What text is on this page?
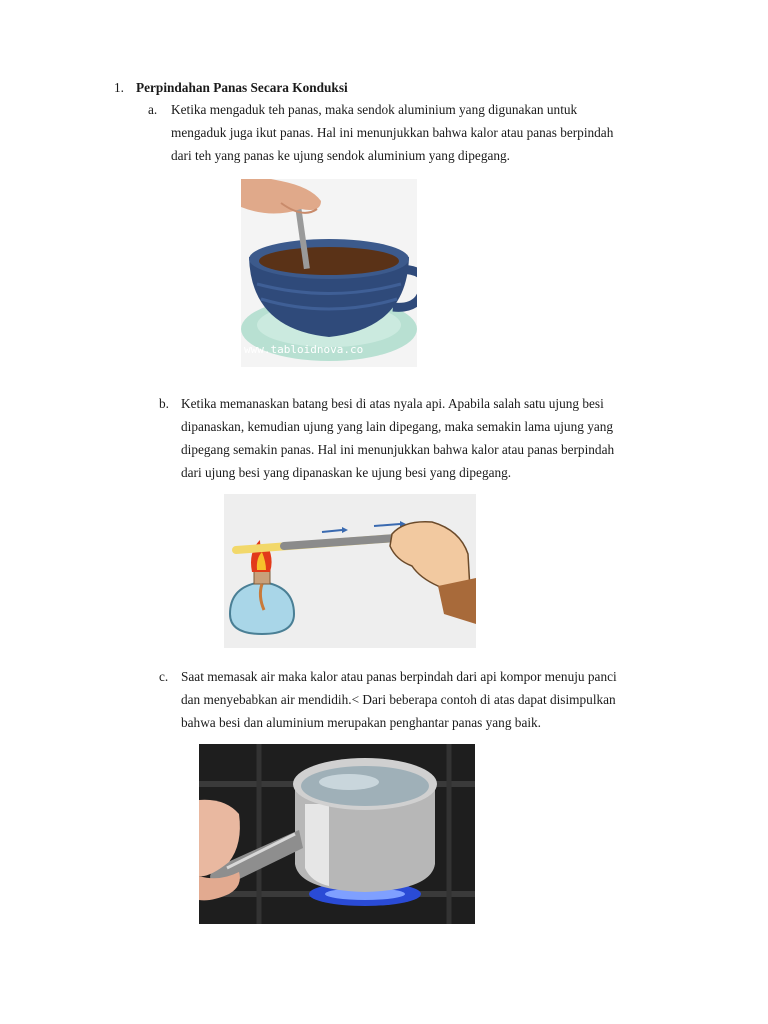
1. Perpindahan Panas Secara Konduksi
a. Ketika mengaduk teh panas, maka sendok aluminium yang digunakan untuk
mengaduk juga ikut panas. Hal ini menunjukkan bahwa kalor atau panas berpindah
dari teh yang panas ke ujung sendok aluminium yang dipegang.
www.tabloidnova.co
b. Ketika memanaskan batang besi di atas nyala api. Apabila salah satu ujung besi
dipanaskan, kemudian ujung yang lain dipegang, maka semakin lama ujung yang
dipegang semakin panas. Hal ini menunjukkan bahwa kalor atau panas berpindah
dari ujung besi yang dipanaskan ke ujung besi yang dipegang.
c. Saat memasak air maka kalor atau panas berpindah dari api kompor menuju panci
dan menyebabkan air mendidih.< Dari beberapa contoh di atas dapat disimpulkan
bahwa besi dan aluminium merupakan penghantar panas yang baik.
